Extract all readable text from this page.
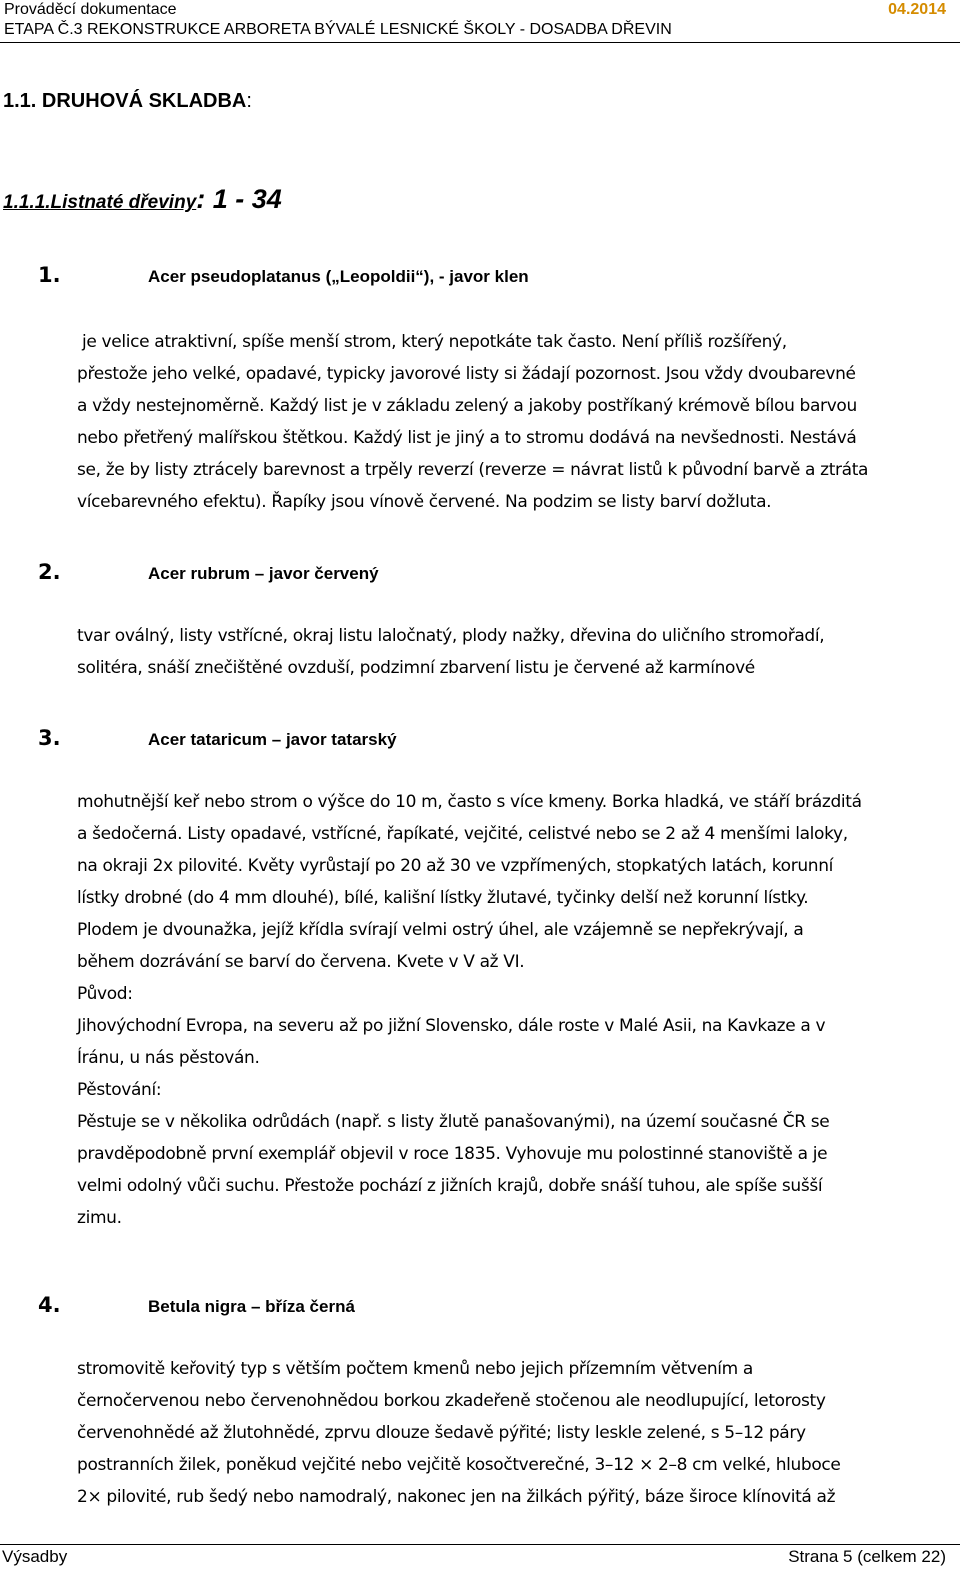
Prováděcí dokumentace	04.2014
ETAPA Č.3 REKONSTRUKCE ARBORETA BÝVALÉ LESNICKÉ ŠKOLY - DOSADBA DŘEVIN
1.1. DRUHOVÁ SKLADBA:
1.1.1.Listnaté dřeviny: 1 - 34
1.	Acer pseudoplatanus („Leopoldii“), - javor klen

je velice atraktivní, spíše menší strom, který nepotkáte tak často. Není příliš rozšířený,

přestože jeho velké, opadavé, typicky javorové listy si žádají pozornost. Jsou vždy dvoubarevné

a vždy nestejnoměrně. Každý list je v základu zelený a jakoby postříkaný krémově bílou barvou

nebo přetřený malířskou štětkou. Každý list je jiný a to stromu dodává na nevšednosti. Nestává

se, že by listy ztrácely barevnost a trpěly reverzí (reverze = návrat listů k původní barvě a ztráta

vícebarevného efektu). Řapíky jsou vínově červené. Na podzim se listy barví dožluta.

2.	Acer rubrum – javor červený

tvar oválný, listy vstřícné, okraj listu laločnatý, plody nažky, dřevina do uličního stromořadí,

solitéra, snáší znečištěné ovzduší, podzimní zbarvení listu je červené až karmínové

3.	Acer tataricum – javor tatarský

mohutnější keř nebo strom o výšce do 10 m, často s více kmeny. Borka hladká, ve stáří brázditá

a šedočerná. Listy opadavé, vstřícné, řapíkaté, vejčité, celistvé nebo se 2 až 4 menšími laloky,

na okraji 2x pilovité. Květy vyrůstají po 20 až 30 ve vzpřímených, stopkatých latách, korunní

lístky drobné (do 4 mm dlouhé), bílé, kališní lístky žlutavé, tyčinky delší než korunní lístky.

Plodem je dvounažka, jejíž křídla svírají velmi ostrý úhel, ale vzájemně se nepřekrývají, a

během dozrávání se barví do červena. Kvete v V až VI.

Původ:

Jihovýchodní Evropa, na severu až po jižní Slovensko, dále roste v Malé Asii, na Kavkaze a v

Íránu, u nás pěstován.

Pěstování:

Pěstuje se v několika odrůdách (např. s listy žlutě panašovanými), na území současné ČR se

pravděpodobně první exemplář objevil v roce 1835. Vyhovuje mu polostinné stanoviště a je

velmi odolný vůči suchu. Přestože pochází z jižních krajů, dobře snáší tuhou, ale spíše sušší

zimu.

4.	Betula nigra – bříza černá

stromovitě keřovitý typ s větším počtem kmenů nebo jejich přízemním větvením a

černočervenou nebo červenohnědou borkou zkadeřeně stočenou ale neodlupující, letorosty

červenohnědé až žlutohnědé, zprvu dlouze šedavě pýřité; listy leskle zelené, s 5–12 páry

postranních žilek, poněkud vejčité nebo vejčitě kosočtverečné, 3–12 × 2–8 cm velké, hluboce

2× pilovité, rub šedý nebo namodralý, nakonec jen na žilkách pýřitý, báze široce klínovitá až

Výsadby	Strana 5 (celkem 22)
